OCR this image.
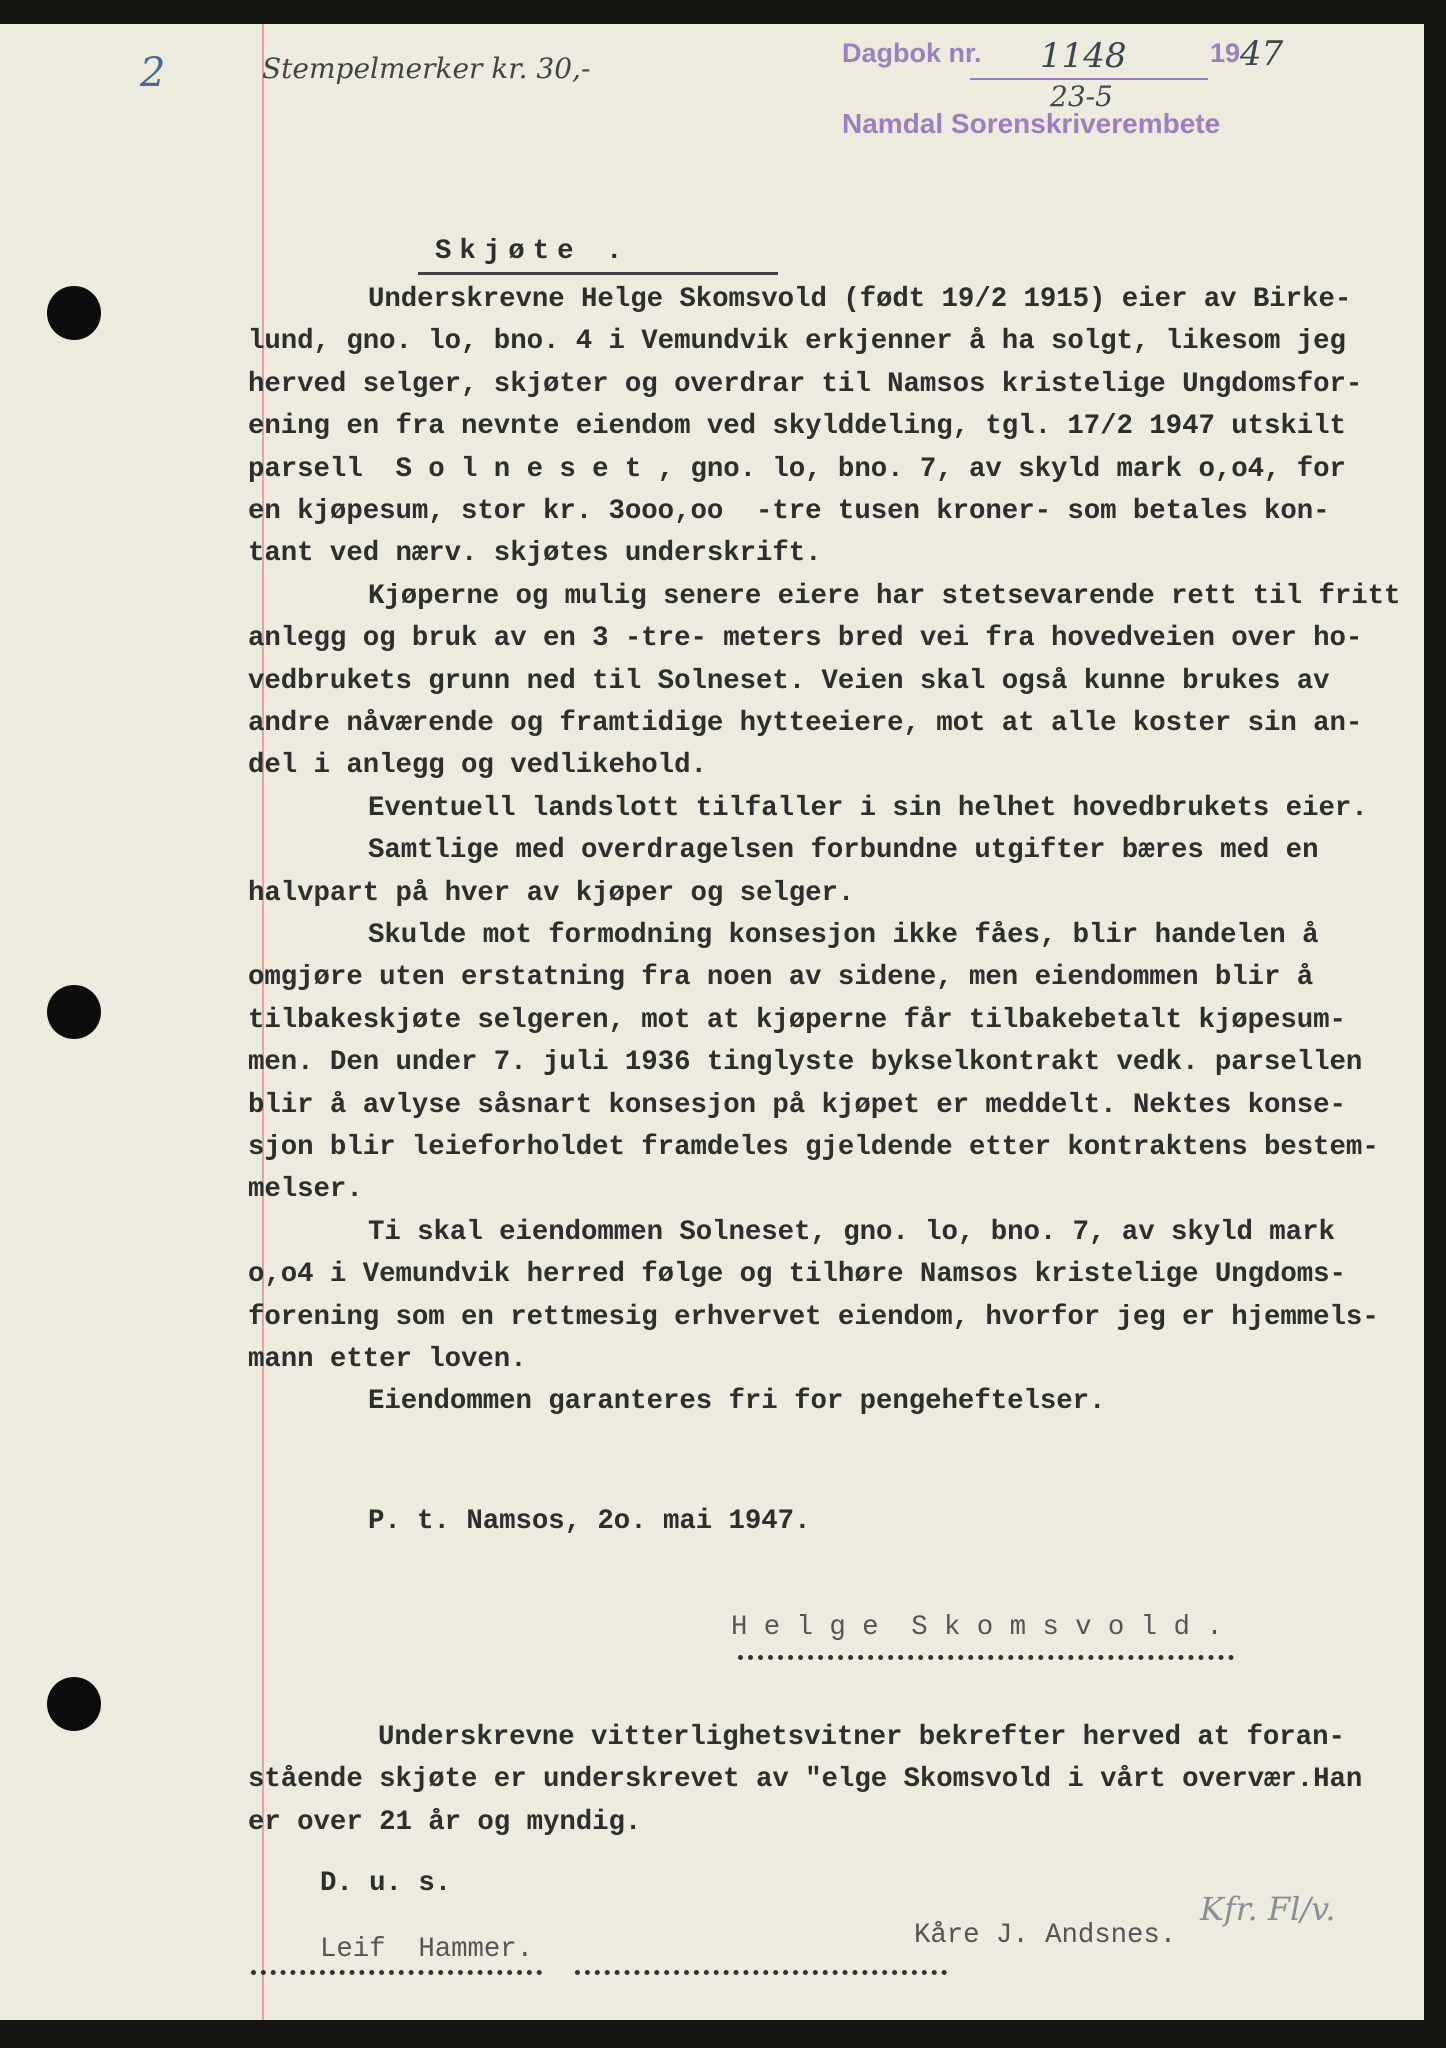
2	Stempelmerker kr. 30,-	Dagbok nr. 1148
23-5
19 47
Namdal Sorenskriverembete
Skjøte .
Underskrevne Helge Skomsvold (født 19/2 1915) eier av Birke-
lund, gno. lo, bno. 4 i Vemundvik erkjenner å ha solgt, likesom jeg
herved selger, skjøter og overdrar til Namsos kristelige Ungdomsfor-
ening en fra nevnte eiendom ved skylddeling, tgl. 17/2 1947 utskilt
parsell  S o l n e s e t , gno. lo, bno. 7, av skyld mark o,o4, for
en kjøpesum, stor kr. 3ooo,oo  -tre tusen kroner- som betales kon-
tant ved nærv. skjøtes underskrift.
Kjøperne og mulig senere eiere har stetsevarende rett til fritt
anlegg og bruk av en 3 -tre- meters bred vei fra hovedveien over ho-
vedbrukets grunn ned til Solneset. Veien skal også kunne brukes av
andre nåværende og framtidige hytteeiere, mot at alle koster sin an-
del i anlegg og vedlikehold.
Eventuell landslott tilfaller i sin helhet hovedbrukets eier.
Samtlige med overdragelsen forbundne utgifter bæres med en
halvpart på hver av kjøper og selger.
Skulde mot formodning konsesjon ikke fåes, blir handelen å
omgjøre uten erstatning fra noen av sidene, men eiendommen blir å
tilbakeskjøte selgeren, mot at kjøperne får tilbakebetalt kjøpesum-
men. Den under 7. juli 1936 tinglyste bykselkontrakt vedk. parsellen
blir å avlyse såsnart konsesjon på kjøpet er meddelt. Nektes konse-
sjon blir leieforholdet framdeles gjeldende etter kontraktens bestem-
melser.
Ti skal eiendommen Solneset, gno. lo, bno. 7, av skyld mark
o,o4 i Vemundvik herred følge og tilhøre Namsos kristelige Ungdoms-
forening som en rettmesig erhvervet eiendom, hvorfor jeg er hjemmels-
mann etter loven.
Eiendommen garanteres fri for pengeheftelser.
P. t. Namsos, 2o. mai 1947.
H e l g e  S k o m s v o l d .
Underskrevne vitterlighetsvitner bekrefter herved at foran-
stående skjøte er underskrevet av "elge Skomsvold i vårt overvær.Han
er over 21 år og myndig.
D. u. s.
Leif  Hammer.	Kåre J. Andsnes.
Kfr. Fl/v.
